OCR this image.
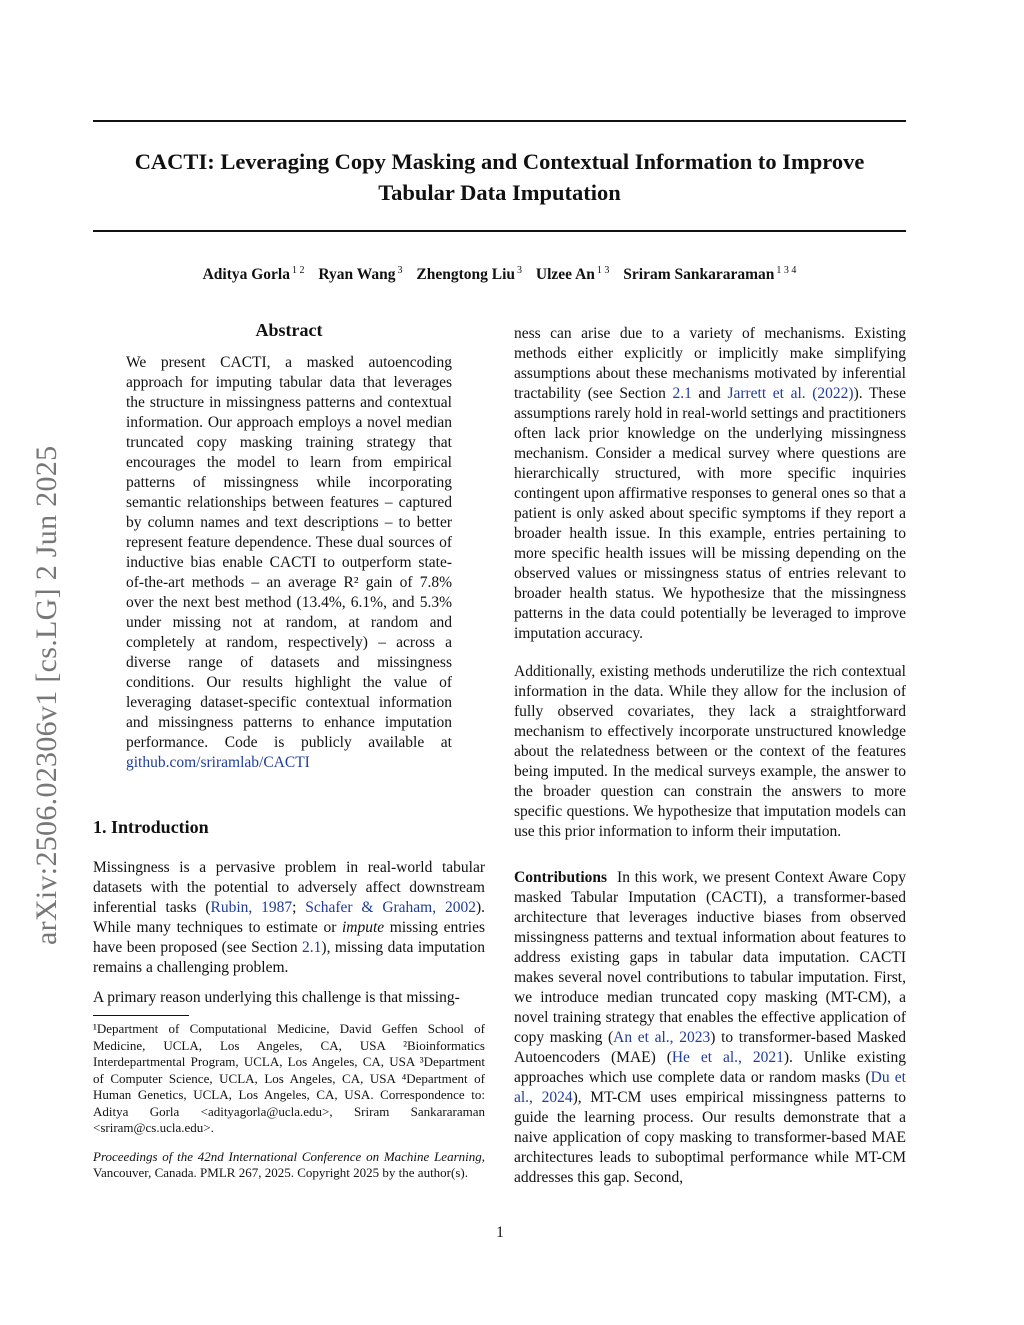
CACTI: Leveraging Copy Masking and Contextual Information to Improve
Tabular Data Imputation
Aditya Gorla $^{1 2}$ Ryan Wang $^3$ Zhengtong Liu $^3$ Ulzee An $^{1 3}$ Sriram Sankararaman $^{1 3 4}$
arXiv:2506.02306v1 [cs.LG] 2 Jun 2025
Abstract
We present CACTI, a masked autoencoding approach for imputing tabular data that leverages the structure in missingness patterns and contextual information. Our approach employs a novel median truncated copy masking training strategy that encourages the model to learn from empirical patterns of missingness while incorporating semantic relationships between features – captured by column names and text descriptions – to better represent feature dependence. These dual sources of inductive bias enable CACTI to outperform state-of-the-art methods – an average R² gain of 7.8% over the next best method (13.4%, 6.1%, and 5.3% under missing not at random, at random and completely at random, respectively) – across a diverse range of datasets and missingness conditions. Our results highlight the value of leveraging dataset-specific contextual information and missingness patterns to enhance imputation performance. Code is publicly available at github.com/sriramlab/CACTI
1. Introduction

Missingness is a pervasive problem in real-world tabular datasets with the potential to adversely affect downstream inferential tasks (Rubin, 1987; Schafer & Graham, 2002). While many techniques to estimate or impute missing entries have been proposed (see Section 2.1), missing data imputation remains a challenging problem.

A primary reason underlying this challenge is that missing-

¹Department of Computational Medicine, David Geffen School of Medicine, UCLA, Los Angeles, CA, USA ²Bioinformatics Interdepartmental Program, UCLA, Los Angeles, CA, USA ³Department of Computer Science, UCLA, Los Angeles, CA, USA ⁴Department of Human Genetics, UCLA, Los Angeles, CA, USA. Correspondence to: Aditya Gorla <adityagorla@ucla.edu>, Sriram Sankararaman <sriram@cs.ucla.edu>.
Proceedings of the 42nd International Conference on Machine Learning, Vancouver, Canada. PMLR 267, 2025. Copyright 2025 by the author(s).

ness can arise due to a variety of mechanisms. Existing methods either explicitly or implicitly make simplifying assumptions about these mechanisms motivated by inferential tractability (see Section 2.1 and Jarrett et al. (2022)). These assumptions rarely hold in real-world settings and practitioners often lack prior knowledge on the underlying missingness mechanism. Consider a medical survey where questions are hierarchically structured, with more specific inquiries contingent upon affirmative responses to general ones so that a patient is only asked about specific symptoms if they report a broader health issue. In this example, entries pertaining to more specific health issues will be missing depending on the observed values or missingness status of entries relevant to broader health status. We hypothesize that the missingness patterns in the data could potentially be leveraged to improve imputation accuracy.

Additionally, existing methods underutilize the rich contextual information in the data. While they allow for the inclusion of fully observed covariates, they lack a straightforward mechanism to effectively incorporate unstructured knowledge about the relatedness between or the context of the features being imputed. In the medical surveys example, the answer to the broader question can constrain the answers to more specific questions. We hypothesize that imputation models can use this prior information to inform their imputation.

Contributions In this work, we present Context Aware Copy masked Tabular Imputation (CACTI), a transformer-based architecture that leverages inductive biases from observed missingness patterns and textual information about features to address existing gaps in tabular data imputation. CACTI makes several novel contributions to tabular imputation. First, we introduce median truncated copy masking (MT-CM), a novel training strategy that enables the effective application of copy masking (An et al., 2023) to transformer-based Masked Autoencoders (MAE) (He et al., 2021). Unlike existing approaches which use complete data or random masks (Du et al., 2024), MT-CM uses empirical missingness patterns to guide the learning process. Our results demonstrate that a naive application of copy masking to transformer-based MAE architectures leads to suboptimal performance while MT-CM addresses this gap. Second,

1
